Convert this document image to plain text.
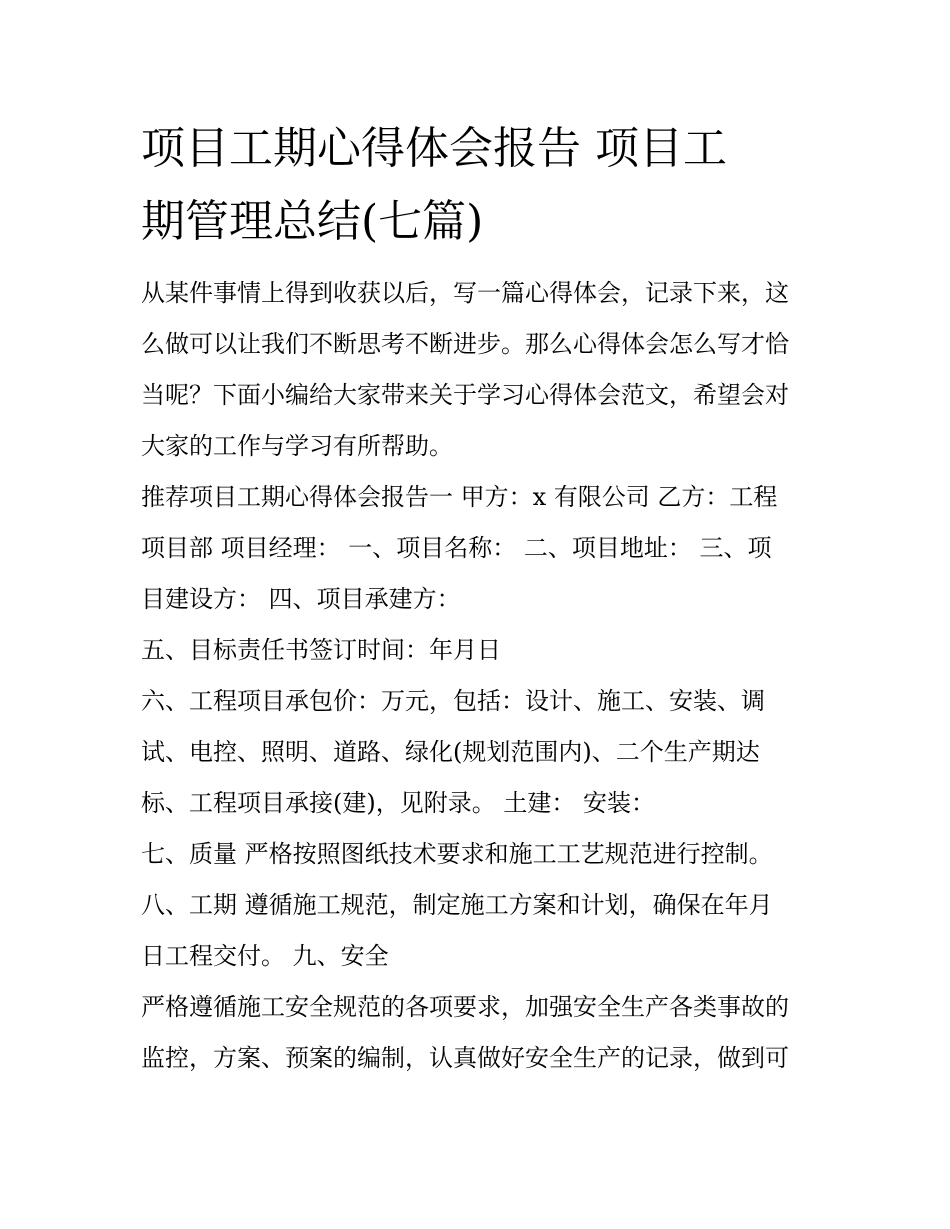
项目工期心得体会报告 项目工
期管理总结(七篇)

从某件事情上得到收获以后，写一篇心得体会，记录下来，这
么做可以让我们不断思考不断进步。那么心得体会怎么写才恰
当呢？下面小编给大家带来关于学习心得体会范文，希望会对
大家的工作与学习有所帮助。

推荐项目工期心得体会报告一 甲方：x 有限公司 乙方：工程
项目部 项目经理： 一、项目名称： 二、项目地址： 三、项
目建设方： 四、项目承建方：

五、目标责任书签订时间：年月日

六、工程项目承包价：万元，包括：设计、施工、安装、调
试、电控、照明、道路、绿化(规划范围内)、二个生产期达
标、工程项目承接(建)，见附录。 土建： 安装：

七、质量 严格按照图纸技术要求和施工工艺规范进行控制。

八、工期 遵循施工规范，制定施工方案和计划，确保在年月
日工程交付。 九、安全

严格遵循施工安全规范的各项要求，加强安全生产各类事故的
监控，方案、预案的编制，认真做好安全生产的记录，做到可
